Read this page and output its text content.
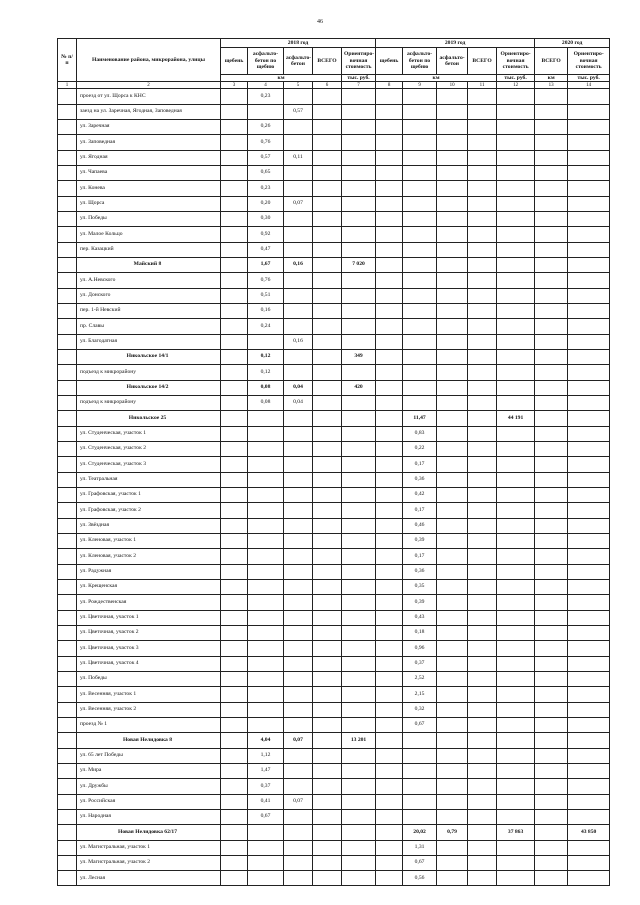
46
№ п/п	Наименование района, микрорайона, улицы	2018 год					2019 год					2020 год	
		щебень	асфальто-бетон по щебню	асфальто-бетон	ВСЕГО	Ориентиро-вочная стоимость	щебень	асфальто-бетон по щебню	асфальто-бетон	ВСЕГО	Ориентиро-вочная стоимость	ВСЕГО	Ориентиро-вочная стоимость
		км				тыс. руб.	км				тыс. руб.	км	тыс. руб.
1	2	3	4	5	6	7	8	9	10	11	12	13	14
	проезд от ул. Щорса к КНС		0,23										
	заезд на ул. Заречная, Ягодная, Заповедная			0,57									
	ул. Заречная		0,26										
	ул. Заповедная		0,76										
	ул. Ягодная		0,57	0,11									
	ул. Чапаева		0,65										
	ул. Конева		0,23										
	ул. Щорса		0,20	0,07									
	ул. Победы		0,30										
	ул. Малое Кольцо		0,92										
	пер. Казацкий		0,47										
	Майский 8		1,67	0,16		7 020							
	ул. А.Невского		0,76										
	ул. Донского		0,51										
	пер. 1-й Невский		0,16										
	пр. Славы		0,24										
	ул. Благодатная			0,16									
	Никольское 14/1		0,12			349							
	подъезд к микрорайону		0,12										
	Никольское 14/2		0,08	0,04		420							
	подъезд к микрорайону		0,08	0,04									
	Никольское 25							11,47			44 191		
	ул. Студенческая, участок 1							0,83					
	ул. Студенческая, участок 2							0,22					
	ул. Студенческая, участок 3							0,17					
	ул. Театральная							0,36					
	ул. Графовская, участок 1							0,42					
	ул. Графовская, участок 2							0,17					
	ул. Звёздная							0,46					
	ул. Кленовая, участок 1							0,39					
	ул. Кленовая, участок 2							0,17					
	ул. Радужная							0,36					
	ул. Крещенская							0,35					
	ул. Рождественская							0,39					
	ул. Цветочная, участок 1							0,43					
	ул. Цветочная, участок 2							0,18					
	ул. Цветочная, участок 3							0,96					
	ул. Цветочная, участок 4							0,37					
	ул. Победы							2,52					
	ул. Весенняя, участок 1							2,15					
	ул. Весенняя, участок 2							0,32					
	проезд № 1							0,67					
	Новая Нелидовка 8		4,04	0,07		13 201							
	ул. 65 лет Победы		1,12										
	ул. Мира		1,47										
	ул. Дружбы		0,37										
	ул. Российская		0,41	0,07									
	ул. Народная		0,67										
	Новая Нелидовка 62/17							20,02	0,79		37 863		43 850
	ул. Магистральная, участок 1							1,31					
	ул. Магистральная, участок 2							0,67					
	ул. Лесная							0,56					
